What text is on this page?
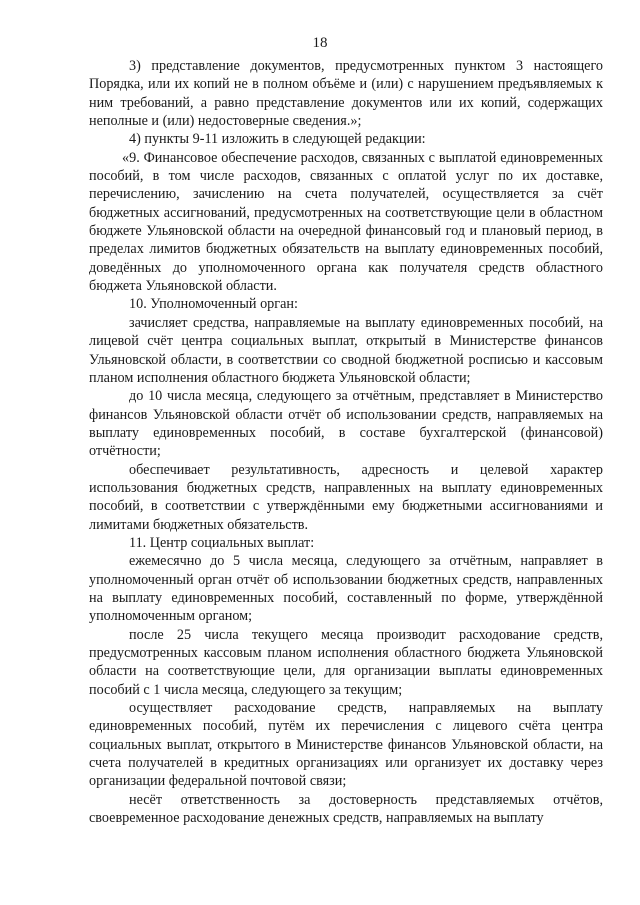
18

3) представление документов, предусмотренных пунктом 3 настоящего Порядка, или их копий не в полном объёме и (или) с нарушением предъявляемых к ним требований, а равно представление документов или их копий, содержащих неполные и (или) недостоверные сведения.»;

4) пункты 9-11 изложить в следующей редакции:

«9. Финансовое обеспечение расходов, связанных с выплатой единовременных пособий, в том числе расходов, связанных с оплатой услуг по их доставке, перечислению, зачислению на счета получателей, осуществляется за счёт бюджетных ассигнований, предусмотренных на соответствующие цели в областном бюджете Ульяновской области на очередной финансовый год и плановый период, в пределах лимитов бюджетных обязательств на выплату единовременных пособий, доведённых до уполномоченного органа как получателя средств областного бюджета Ульяновской области.

10. Уполномоченный орган:

зачисляет средства, направляемые на выплату единовременных пособий, на лицевой счёт центра социальных выплат, открытый в Министерстве финансов Ульяновской области, в соответствии со сводной бюджетной росписью и кассовым планом исполнения областного бюджета Ульяновской области;

до 10 числа месяца, следующего за отчётным, представляет в Министерство финансов Ульяновской области отчёт об использовании средств, направляемых на выплату единовременных пособий, в составе бухгалтерской (финансовой) отчётности;

обеспечивает результативность, адресность и целевой характер использования бюджетных средств, направленных на выплату единовременных пособий, в соответствии с утверждёнными ему бюджетными ассигнованиями и лимитами бюджетных обязательств.

11. Центр социальных выплат:

ежемесячно до 5 числа месяца, следующего за отчётным, направляет в уполномоченный орган отчёт об использовании бюджетных средств, направленных на выплату единовременных пособий, составленный по форме, утверждённой уполномоченным органом;

после 25 числа текущего месяца производит расходование средств, предусмотренных кассовым планом исполнения областного бюджета Ульяновской области на соответствующие цели, для организации выплаты единовременных пособий с 1 числа месяца, следующего за текущим;

осуществляет расходование средств, направляемых на выплату единовременных пособий, путём их перечисления с лицевого счёта центра социальных выплат, открытого в Министерстве финансов Ульяновской области, на счета получателей в кредитных организациях или организует их доставку через организации федеральной почтовой связи;

несёт ответственность за достоверность представляемых отчётов, своевременное расходование денежных средств, направляемых на выплату
